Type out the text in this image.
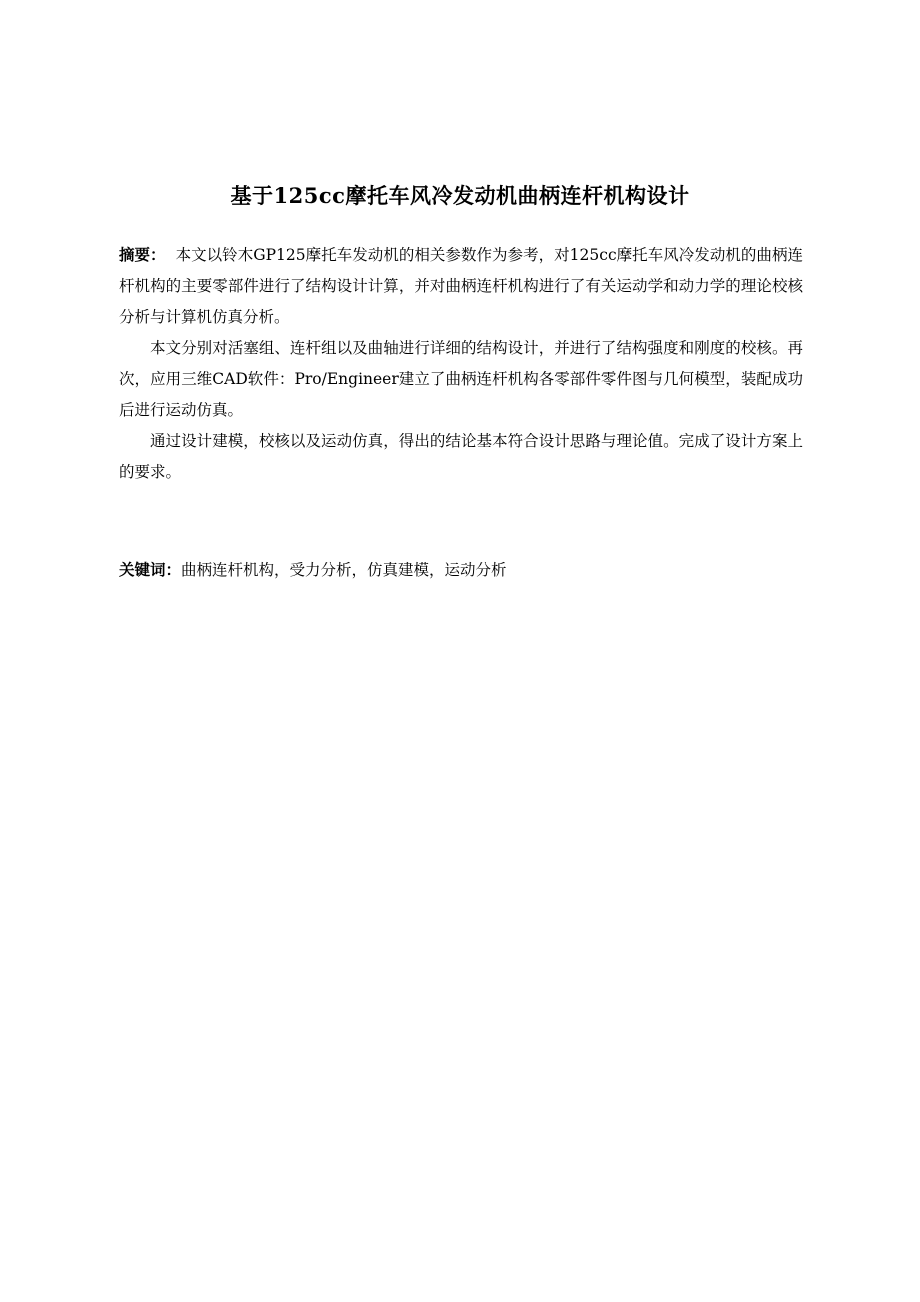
基于125cc摩托车风冷发动机曲柄连杆机构设计

摘要： 本文以铃木GP125摩托车发动机的相关参数作为参考，对125cc摩托车风冷发动机的曲柄连杆机构的主要零部件进行了结构设计计算，并对曲柄连杆机构进行了有关运动学和动力学的理论校核分析与计算机仿真分析。

本文分别对活塞组、连杆组以及曲轴进行详细的结构设计，并进行了结构强度和刚度的校核。再次，应用三维CAD软件：Pro/Engineer建立了曲柄连杆机构各零部件零件图与几何模型，装配成功后进行运动仿真。

通过设计建模，校核以及运动仿真，得出的结论基本符合设计思路与理论值。完成了设计方案上的要求。

关键词：曲柄连杆机构，受力分析，仿真建模，运动分析
